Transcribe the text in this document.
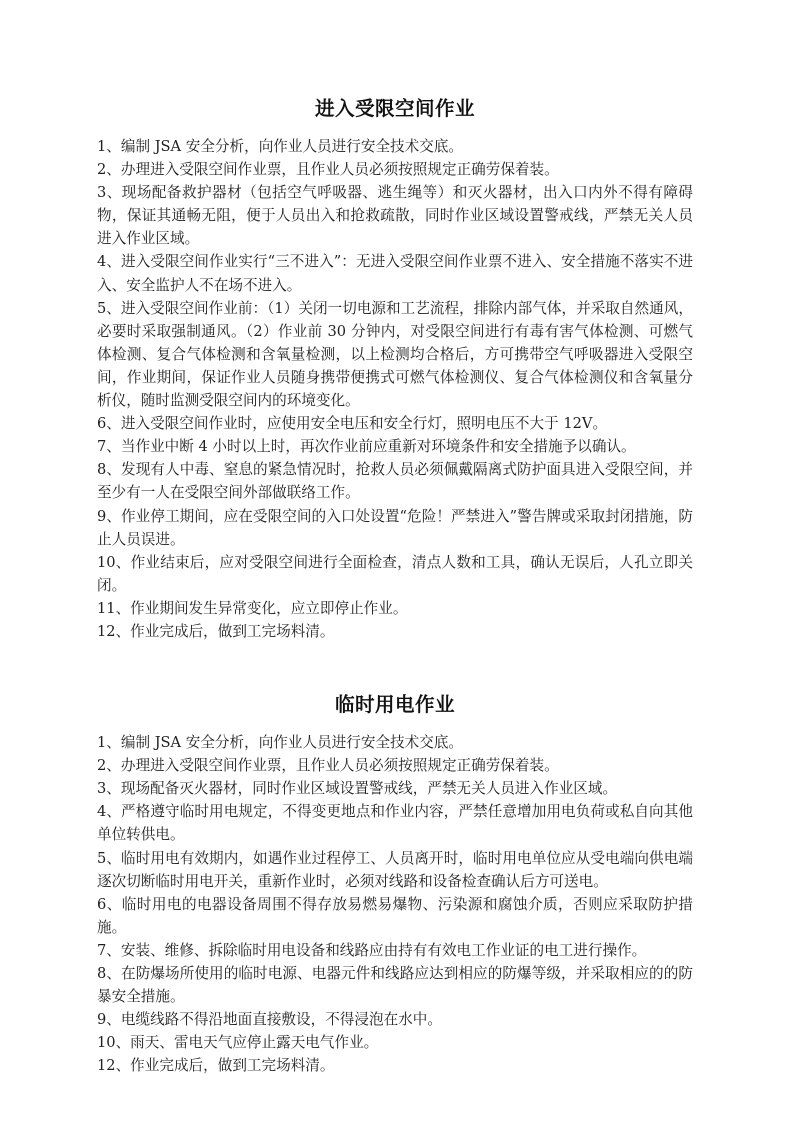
进入受限空间作业

1、编制 JSA 安全分析，向作业人员进行安全技术交底。

2、办理进入受限空间作业票，且作业人员必须按照规定正确劳保着装。

3、现场配备救护器材（包括空气呼吸器、逃生绳等）和灭火器材，出入口内外不得有障碍物，保证其通畅无阻，便于人员出入和抢救疏散，同时作业区域设置警戒线，严禁无关人员进入作业区域。

4、进入受限空间作业实行“三不进入”：无进入受限空间作业票不进入、安全措施不落实不进入、安全监护人不在场不进入。

5、进入受限空间作业前：（1）关闭一切电源和工艺流程，排除内部气体，并采取自然通风，必要时采取强制通风。（2）作业前 30 分钟内，对受限空间进行有毒有害气体检测、可燃气体检测、复合气体检测和含氧量检测，以上检测均合格后，方可携带空气呼吸器进入受限空间，作业期间，保证作业人员随身携带便携式可燃气体检测仪、复合气体检测仪和含氧量分析仪，随时监测受限空间内的环境变化。

6、进入受限空间作业时，应使用安全电压和安全行灯，照明电压不大于 12V。

7、当作业中断 4 小时以上时，再次作业前应重新对环境条件和安全措施予以确认。

8、发现有人中毒、窒息的紧急情况时，抢救人员必须佩戴隔离式防护面具进入受限空间，并至少有一人在受限空间外部做联络工作。

9、作业停工期间，应在受限空间的入口处设置“危险！严禁进入”警告牌或采取封闭措施，防止人员误进。

10、作业结束后，应对受限空间进行全面检查，清点人数和工具，确认无误后，人孔立即关闭。

11、作业期间发生异常变化，应立即停止作业。

12、作业完成后，做到工完场料清。

临时用电作业

1、编制 JSA 安全分析，向作业人员进行安全技术交底。

2、办理进入受限空间作业票，且作业人员必须按照规定正确劳保着装。

3、现场配备灭火器材，同时作业区域设置警戒线，严禁无关人员进入作业区域。

4、严格遵守临时用电规定，不得变更地点和作业内容，严禁任意增加用电负荷或私自向其他单位转供电。

5、临时用电有效期内，如遇作业过程停工、人员离开时，临时用电单位应从受电端向供电端逐次切断临时用电开关，重新作业时，必须对线路和设备检查确认后方可送电。

6、临时用电的电器设备周围不得存放易燃易爆物、污染源和腐蚀介质，否则应采取防护措施。

7、安装、维修、拆除临时用电设备和线路应由持有有效电工作业证的电工进行操作。

8、在防爆场所使用的临时电源、电器元件和线路应达到相应的防爆等级，并采取相应的的防暴安全措施。

9、电缆线路不得沿地面直接敷设，不得浸泡在水中。

10、雨天、雷电天气应停止露天电气作业。

12、作业完成后，做到工完场料清。
